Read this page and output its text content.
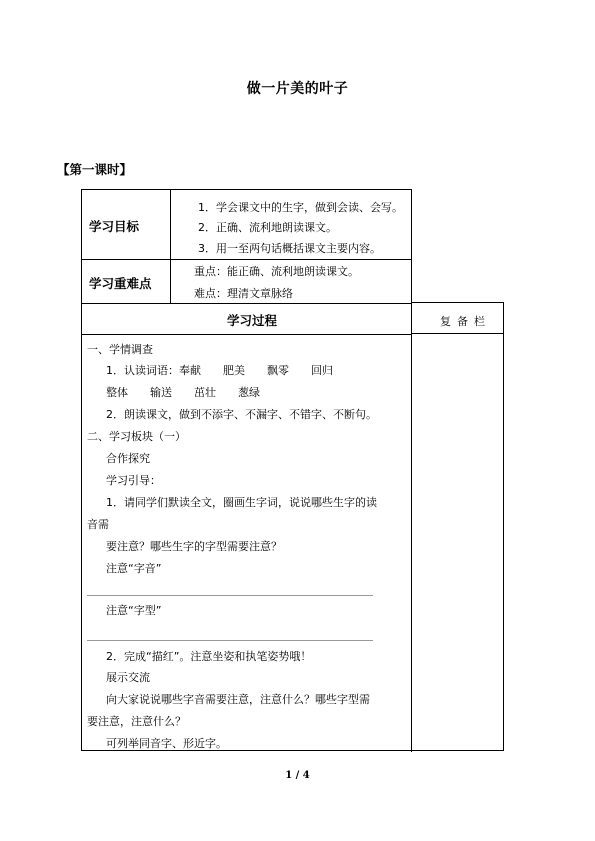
做一片美的叶子
【第一课时】
学习目标
1．学会课文中的生字，做到会读、会写。
2．正确、流利地朗读课文。
3．用一至两句话概括课文主要内容。
学习重难点
重点：能正确、流利地朗读课文。
难点：理清文章脉络
学习过程
一、学情调查
1．认读词语：奉献　　肥美　　飘零　　回归
整体　　输送　　茁壮　　葱绿
2．朗读课文，做到不添字、不漏字、不错字、不断句。
二、学习板块（一）
合作探究
学习引导：
1．请同学们默读全文，圈画生字词，说说哪些生字的读
音需
要注意？哪些生字的字型需要注意？
注意“字音”
注意“字型”
2．完成“描红”。注意坐姿和执笔姿势哦！
展示交流
向大家说说哪些字音需要注意，注意什么？哪些字型需
要注意，注意什么？
可列举同音字、形近字。
复备栏
1 / 4
